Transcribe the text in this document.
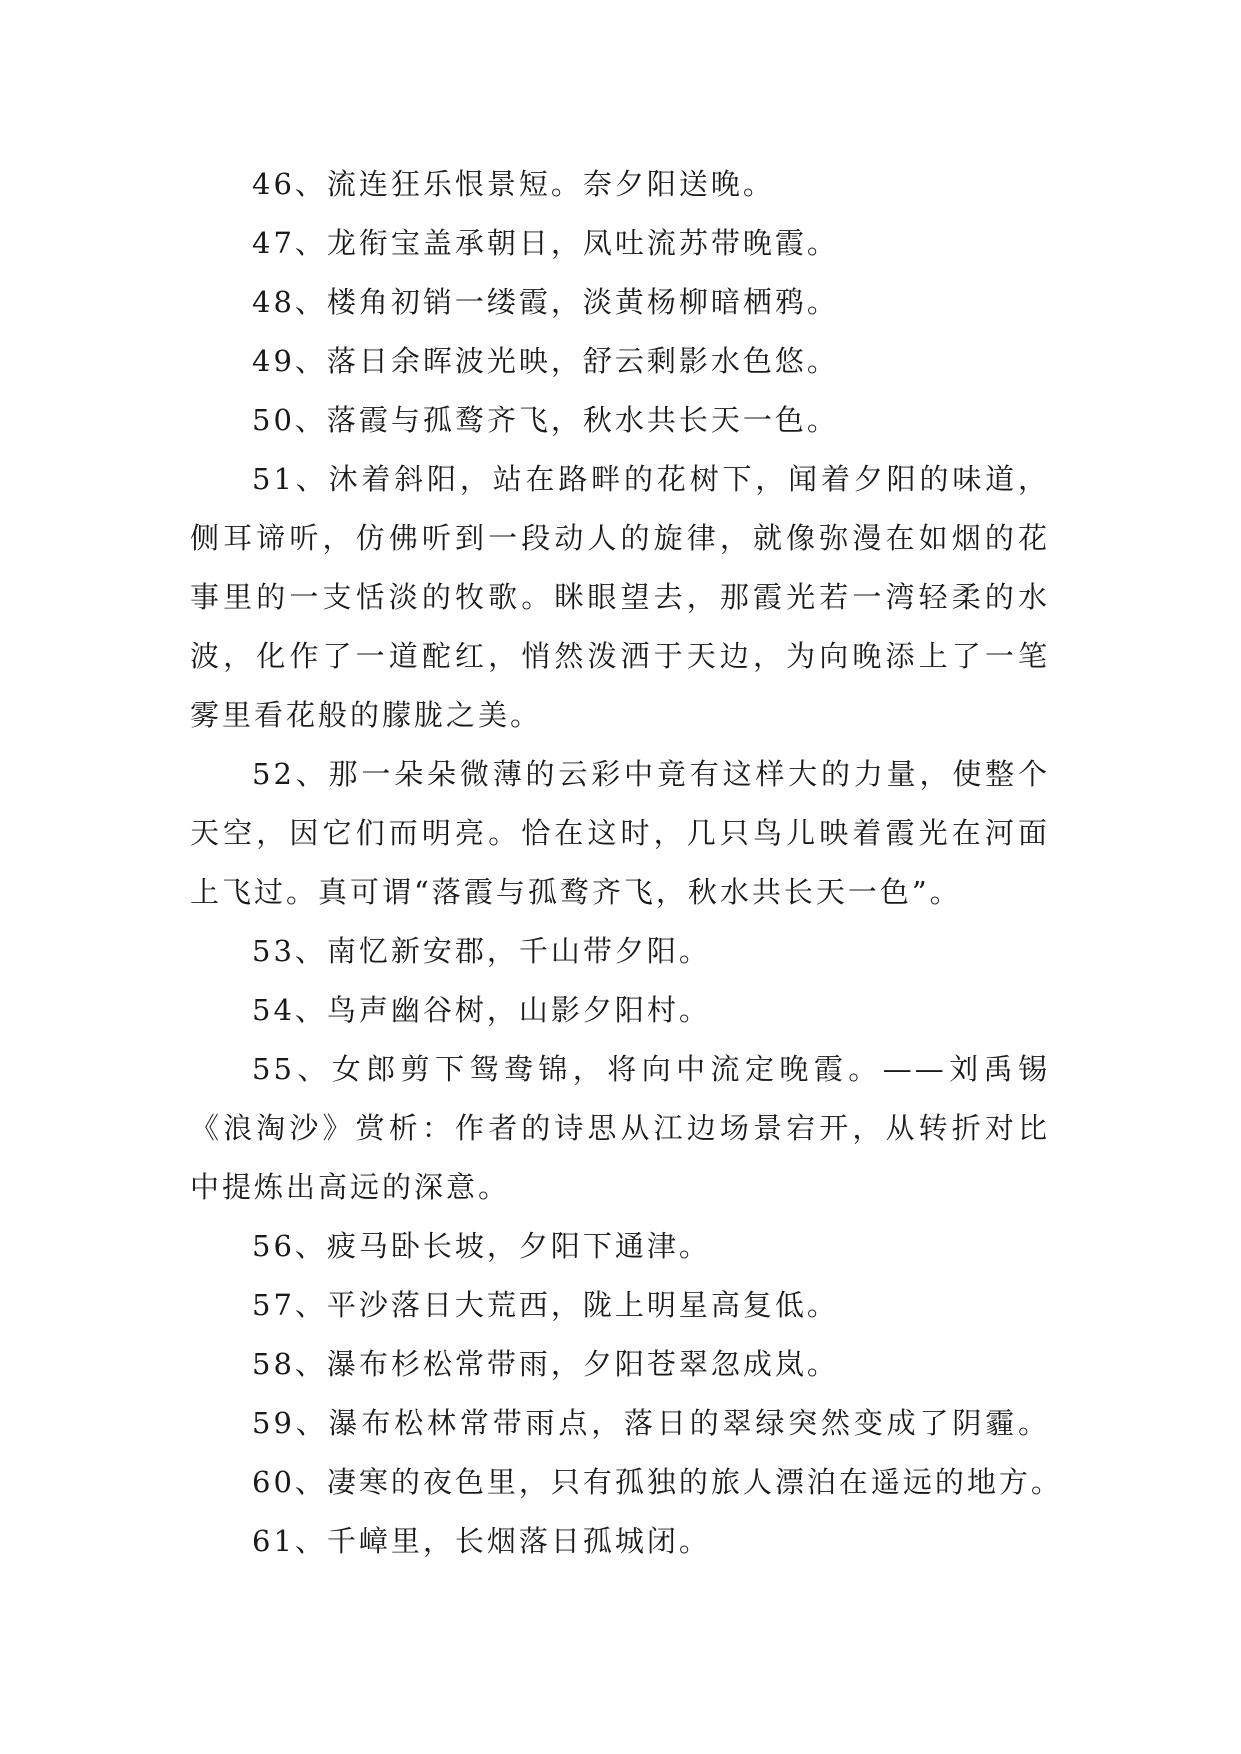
46、流连狂乐恨景短。奈夕阳送晚。
47、龙衔宝盖承朝日，凤吐流苏带晚霞。
48、楼角初销一缕霞，淡黄杨柳暗栖鸦。
49、落日余晖波光映，舒云剩影水色悠。
50、落霞与孤鹜齐飞，秋水共长天一色。
51、沐着斜阳，站在路畔的花树下，闻着夕阳的味道，
侧耳谛听，仿佛听到一段动人的旋律，就像弥漫在如烟的花
事里的一支恬淡的牧歌。眯眼望去，那霞光若一湾轻柔的水
波，化作了一道酡红，悄然泼洒于天边，为向晚添上了一笔
雾里看花般的朦胧之美。
52、那一朵朵微薄的云彩中竟有这样大的力量，使整个
天空，因它们而明亮。恰在这时，几只鸟儿映着霞光在河面
上飞过。真可谓“落霞与孤鹜齐飞，秋水共长天一色”。
53、南忆新安郡，千山带夕阳。
54、鸟声幽谷树，山影夕阳村。
55、女郎剪下鸳鸯锦，将向中流定晚霞。——刘禹锡
《浪淘沙》赏析：作者的诗思从江边场景宕开，从转折对比
中提炼出高远的深意。
56、疲马卧长坡，夕阳下通津。
57、平沙落日大荒西，陇上明星高复低。
58、瀑布杉松常带雨，夕阳苍翠忽成岚。
59、瀑布松林常带雨点，落日的翠绿突然变成了阴霾。
60、凄寒的夜色里，只有孤独的旅人漂泊在遥远的地方。
61、千嶂里，长烟落日孤城闭。
